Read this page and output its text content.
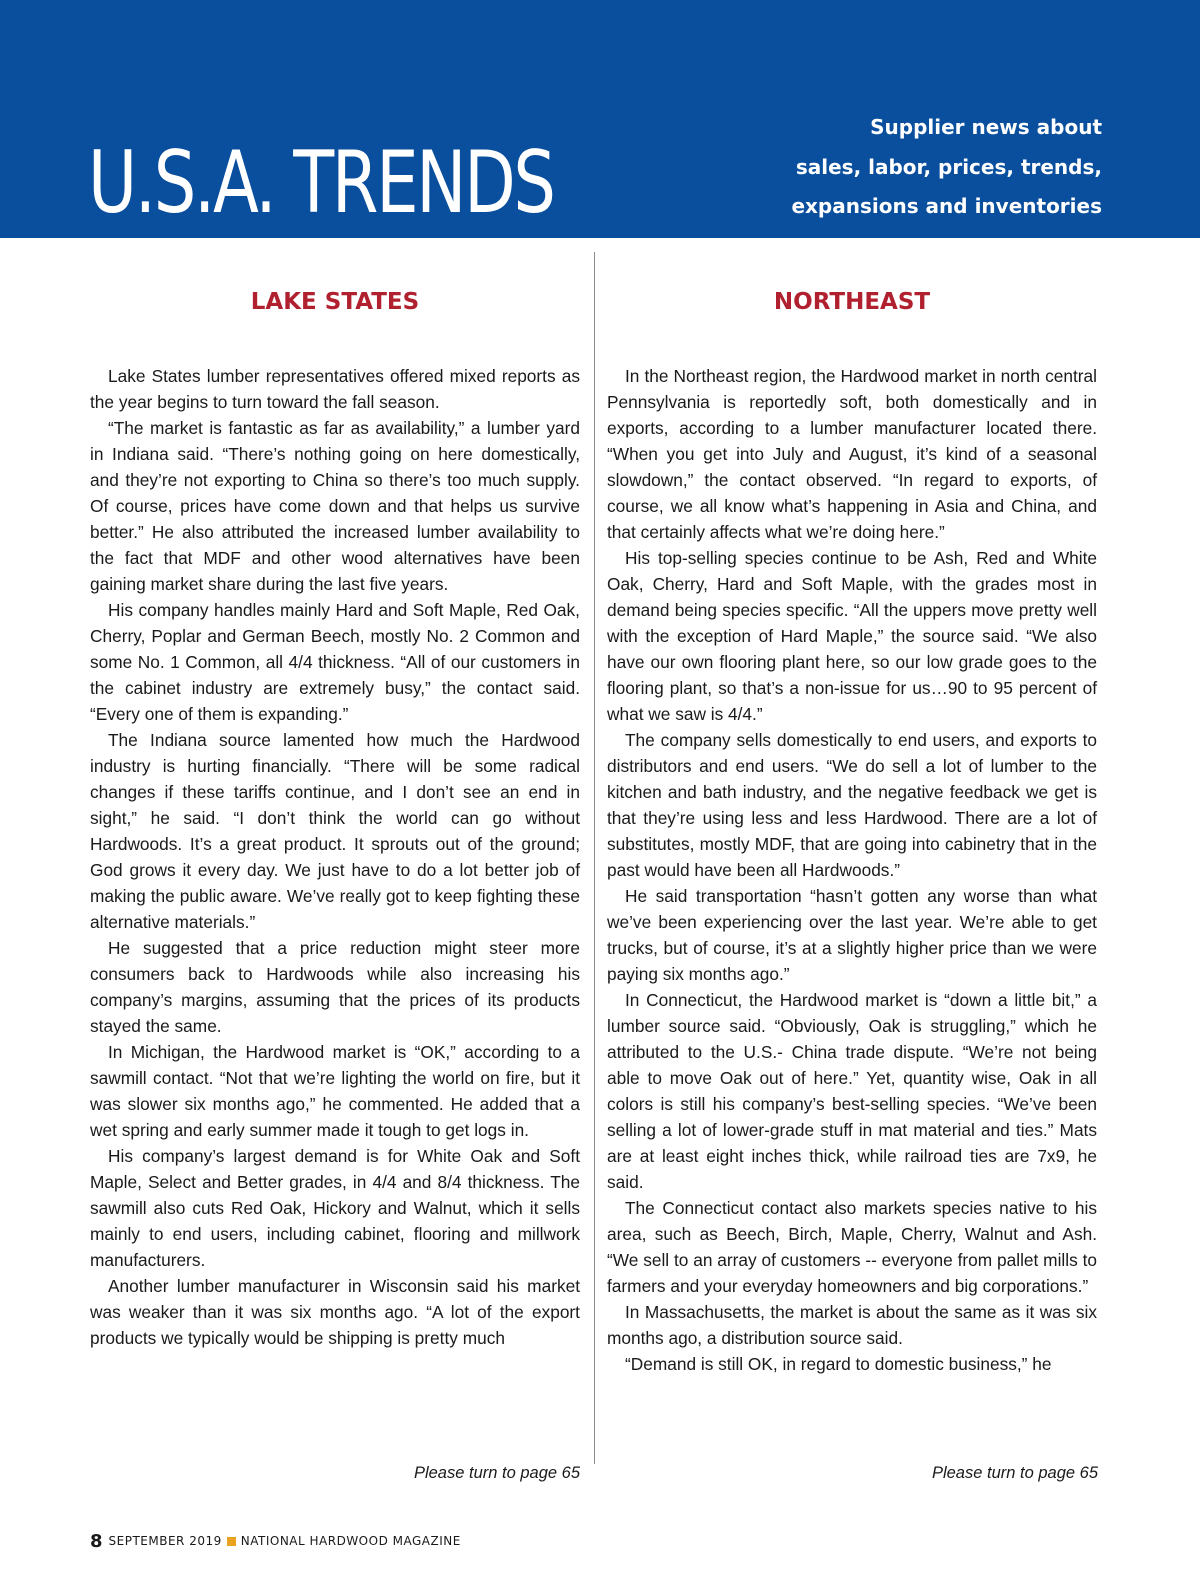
U.S.A. TRENDS
Supplier news about
sales, labor, prices, trends,
expansions and inventories
LAKE STATES

Lake States lumber representatives offered mixed reports as the year begins to turn toward the fall season.

“The market is fantastic as far as availability,” a lumber yard in Indiana said. “There’s nothing going on here domestically, and they’re not exporting to China so there’s too much supply. Of course, prices have come down and that helps us survive better.” He also attributed the increased lumber availability to the fact that MDF and other wood alternatives have been gaining market share during the last five years.

His company handles mainly Hard and Soft Maple, Red Oak, Cherry, Poplar and German Beech, mostly No. 2 Common and some No. 1 Common, all 4/4 thickness. “All of our customers in the cabinet industry are extremely busy,” the contact said. “Every one of them is expanding.”

The Indiana source lamented how much the Hardwood industry is hurting financially. “There will be some radical changes if these tariffs continue, and I don’t see an end in sight,” he said. “I don’t think the world can go without Hardwoods. It’s a great product. It sprouts out of the ground; God grows it every day. We just have to do a lot better job of making the public aware. We’ve really got to keep fighting these alternative materials.”

He suggested that a price reduction might steer more consumers back to Hardwoods while also increasing his company’s margins, assuming that the prices of its products stayed the same.

In Michigan, the Hardwood market is “OK,” according to a sawmill contact. “Not that we’re lighting the world on fire, but it was slower six months ago,” he commented. He added that a wet spring and early summer made it tough to get logs in.

His company’s largest demand is for White Oak and Soft Maple, Select and Better grades, in 4/4 and 8/4 thickness. The sawmill also cuts Red Oak, Hickory and Walnut, which it sells mainly to end users, including cabinet, flooring and millwork manufacturers.

Another lumber manufacturer in Wisconsin said his market was weaker than it was six months ago. “A lot of the export products we typically would be shipping is pretty much

NORTHEAST

In the Northeast region, the Hardwood market in north central Pennsylvania is reportedly soft, both domestically and in exports, according to a lumber manufacturer located there. “When you get into July and August, it’s kind of a seasonal slowdown,” the contact observed. “In regard to exports, of course, we all know what’s happening in Asia and China, and that certainly affects what we’re doing here.”

His top-selling species continue to be Ash, Red and White Oak, Cherry, Hard and Soft Maple, with the grades most in demand being species specific. “All the uppers move pretty well with the exception of Hard Maple,” the source said. “We also have our own flooring plant here, so our low grade goes to the flooring plant, so that’s a non-issue for us…90 to 95 percent of what we saw is 4/4.”

The company sells domestically to end users, and exports to distributors and end users. “We do sell a lot of lumber to the kitchen and bath industry, and the negative feedback we get is that they’re using less and less Hardwood. There are a lot of substitutes, mostly MDF, that are going into cabinetry that in the past would have been all Hardwoods.”

He said transportation “hasn’t gotten any worse than what we’ve been experiencing over the last year. We’re able to get trucks, but of course, it’s at a slightly higher price than we were paying six months ago.”

In Connecticut, the Hardwood market is “down a little bit,” a lumber source said. “Obviously, Oak is struggling,” which he attributed to the U.S.- China trade dispute. “We’re not being able to move Oak out of here.” Yet, quantity wise, Oak in all colors is still his company’s best-selling species. “We’ve been selling a lot of lower-grade stuff in mat material and ties.” Mats are at least eight inches thick, while railroad ties are 7x9, he said.

The Connecticut contact also markets species native to his area, such as Beech, Birch, Maple, Cherry, Walnut and Ash. “We sell to an array of customers -- everyone from pallet mills to farmers and your everyday homeowners and big corporations.”

In Massachusetts, the market is about the same as it was six months ago, a distribution source said.

“Demand is still OK, in regard to domestic business,” he

Please turn to page 65	Please turn to page 65
8 SEPTEMBER 2019 NATIONAL HARDWOOD MAGAZINE
